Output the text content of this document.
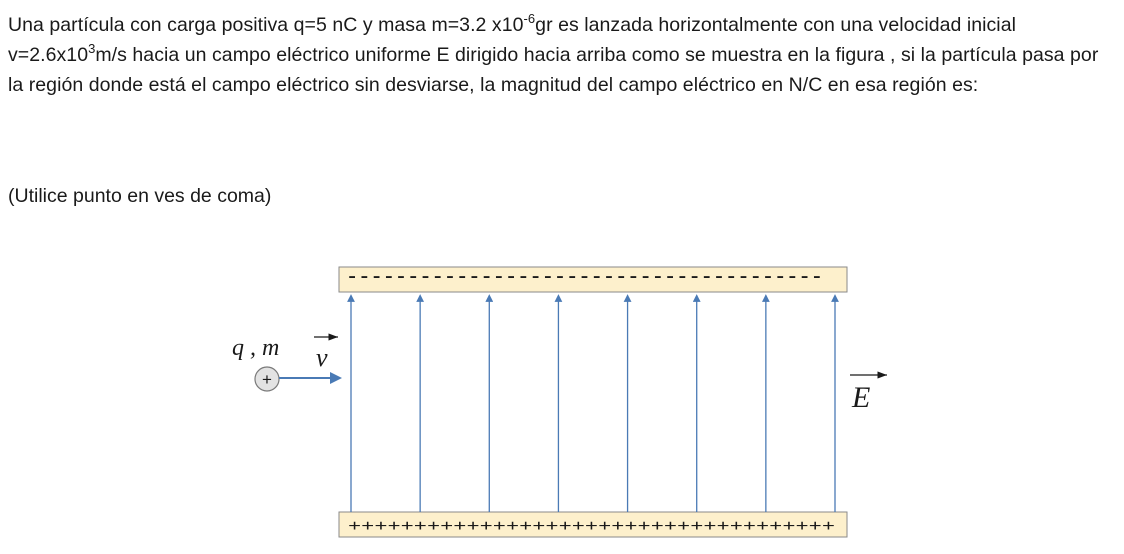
Una partícula con carga positiva q=5 nC y masa m=3.2 $x10^{-6}gr$ es lanzada horizontalmente con una velocidad inicial $v=2.6x10^3m/s$ hacia un campo eléctrico uniforme E dirigido hacia arriba como se muestra en la figura , si la partícula pasa por la región donde está el campo eléctrico sin desviarse, la magnitud del campo eléctrico en N/C en esa región es:
(Utilice punto en ves de coma)
---------------------------------------
+++++++++++++++++++++++++++++++++++++
q , m
+
v
E
